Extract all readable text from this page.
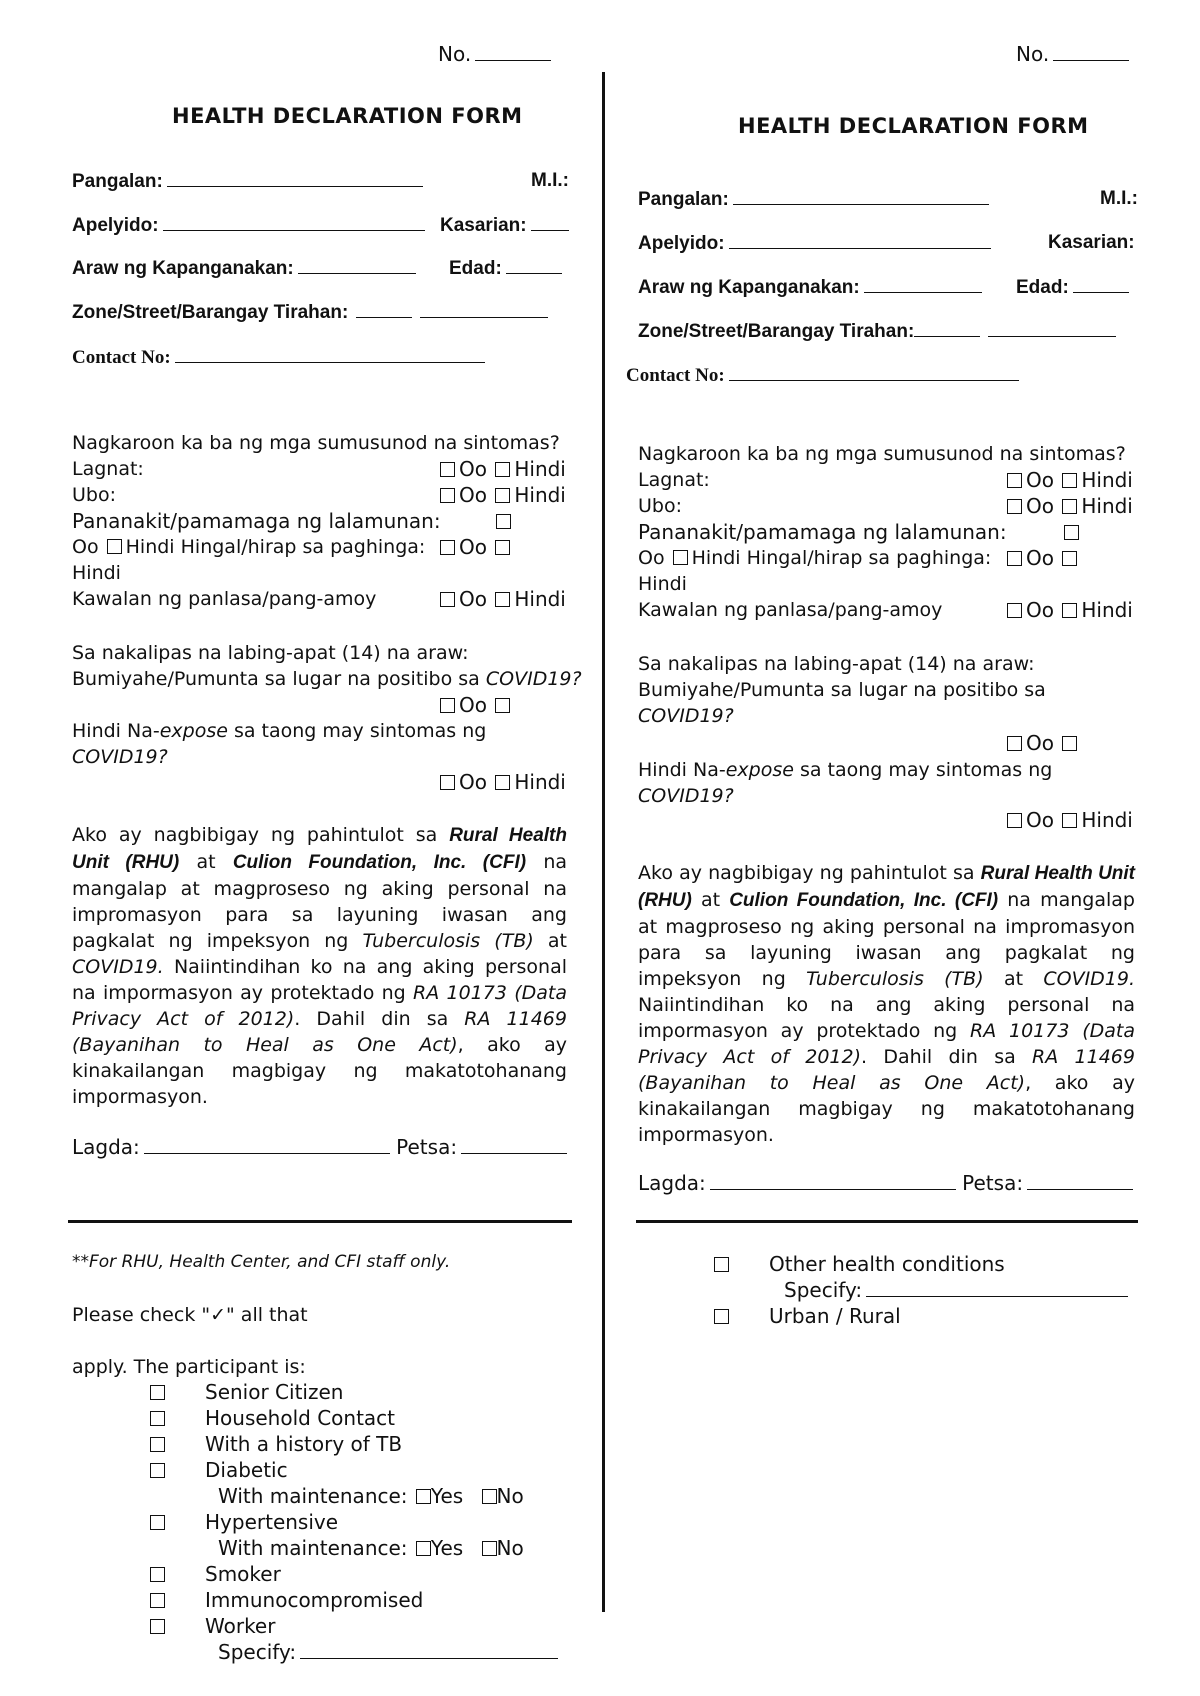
No.
HEALTH DECLARATION FORM
Pangalan:	M.I.:
Apelyido:	Kasarian:
Araw ng Kapanganakan:	Edad:
Zone/Street/Barangay Tirahan:
Contact No:
Nagkaroon ka ba ng mga sumusunod na sintomas?
Lagnat:	Oo Hindi
Ubo:	Oo Hindi
Pananakit/pamamaga ng lalamunan:
Oo Hindi Hingal/hirap sa paghinga:	Oo
Hindi
Kawalan ng panlasa/pang-amoy	Oo Hindi
Sa nakalipas na labing-apat (14) na araw:
Bumiyahe/Pumunta sa lugar na positibo sa COVID19?
Oo
Hindi Na-expose sa taong may sintomas ng
COVID19?
Oo Hindi
Ako ay nagbibigay ng pahintulot sa Rural Health Unit (RHU) at Culion Foundation, Inc. (CFI) na mangalap at magproseso ng aking personal na impromasyon para sa layuning iwasan ang pagkalat ng impeksyon ng Tuberculosis (TB) at COVID19. Naiintindihan ko na ang aking personal na impormasyon ay protektado ng RA 10173 (Data Privacy Act of 2012). Dahil din sa RA 11469 (Bayanihan to Heal as One Act), ako ay kinakailangan magbigay ng makatotohanang impormasyon.
Lagda:	Petsa:
**For RHU, Health Center, and CFI staff only.
Please check "✓" all that
apply. The participant is:
Senior Citizen
Household Contact
With a history of TB
Diabetic
With maintenance: Yes No
Hypertensive
With maintenance: Yes No
Smoker
Immunocompromised
Worker
Specify:
No.
HEALTH DECLARATION FORM
Pangalan:	M.I.:
Apelyido:	Kasarian:
Araw ng Kapanganakan:	Edad:
Zone/Street/Barangay Tirahan:
Contact No:
Nagkaroon ka ba ng mga sumusunod na sintomas?
Lagnat:	Oo Hindi
Ubo:	Oo Hindi
Pananakit/pamamaga ng lalamunan:
Oo Hindi Hingal/hirap sa paghinga:	Oo
Hindi
Kawalan ng panlasa/pang-amoy	Oo Hindi
Sa nakalipas na labing-apat (14) na araw:
Bumiyahe/Pumunta sa lugar na positibo sa
COVID19?
Oo
Hindi Na-expose sa taong may sintomas ng
COVID19?
Oo Hindi
Ako ay nagbibigay ng pahintulot sa Rural Health Unit (RHU) at Culion Foundation, Inc. (CFI) na mangalap at magproseso ng aking personal na impromasyon para sa layuning iwasan ang pagkalat ng impeksyon ng Tuberculosis (TB) at COVID19. Naiintindihan ko na ang aking personal na impormasyon ay protektado ng RA 10173 (Data Privacy Act of 2012). Dahil din sa RA 11469 (Bayanihan to Heal as One Act), ako ay kinakailangan magbigay ng makatotohanang impormasyon.
Lagda:	Petsa:
Other health conditions
Specify:
Urban / Rural
